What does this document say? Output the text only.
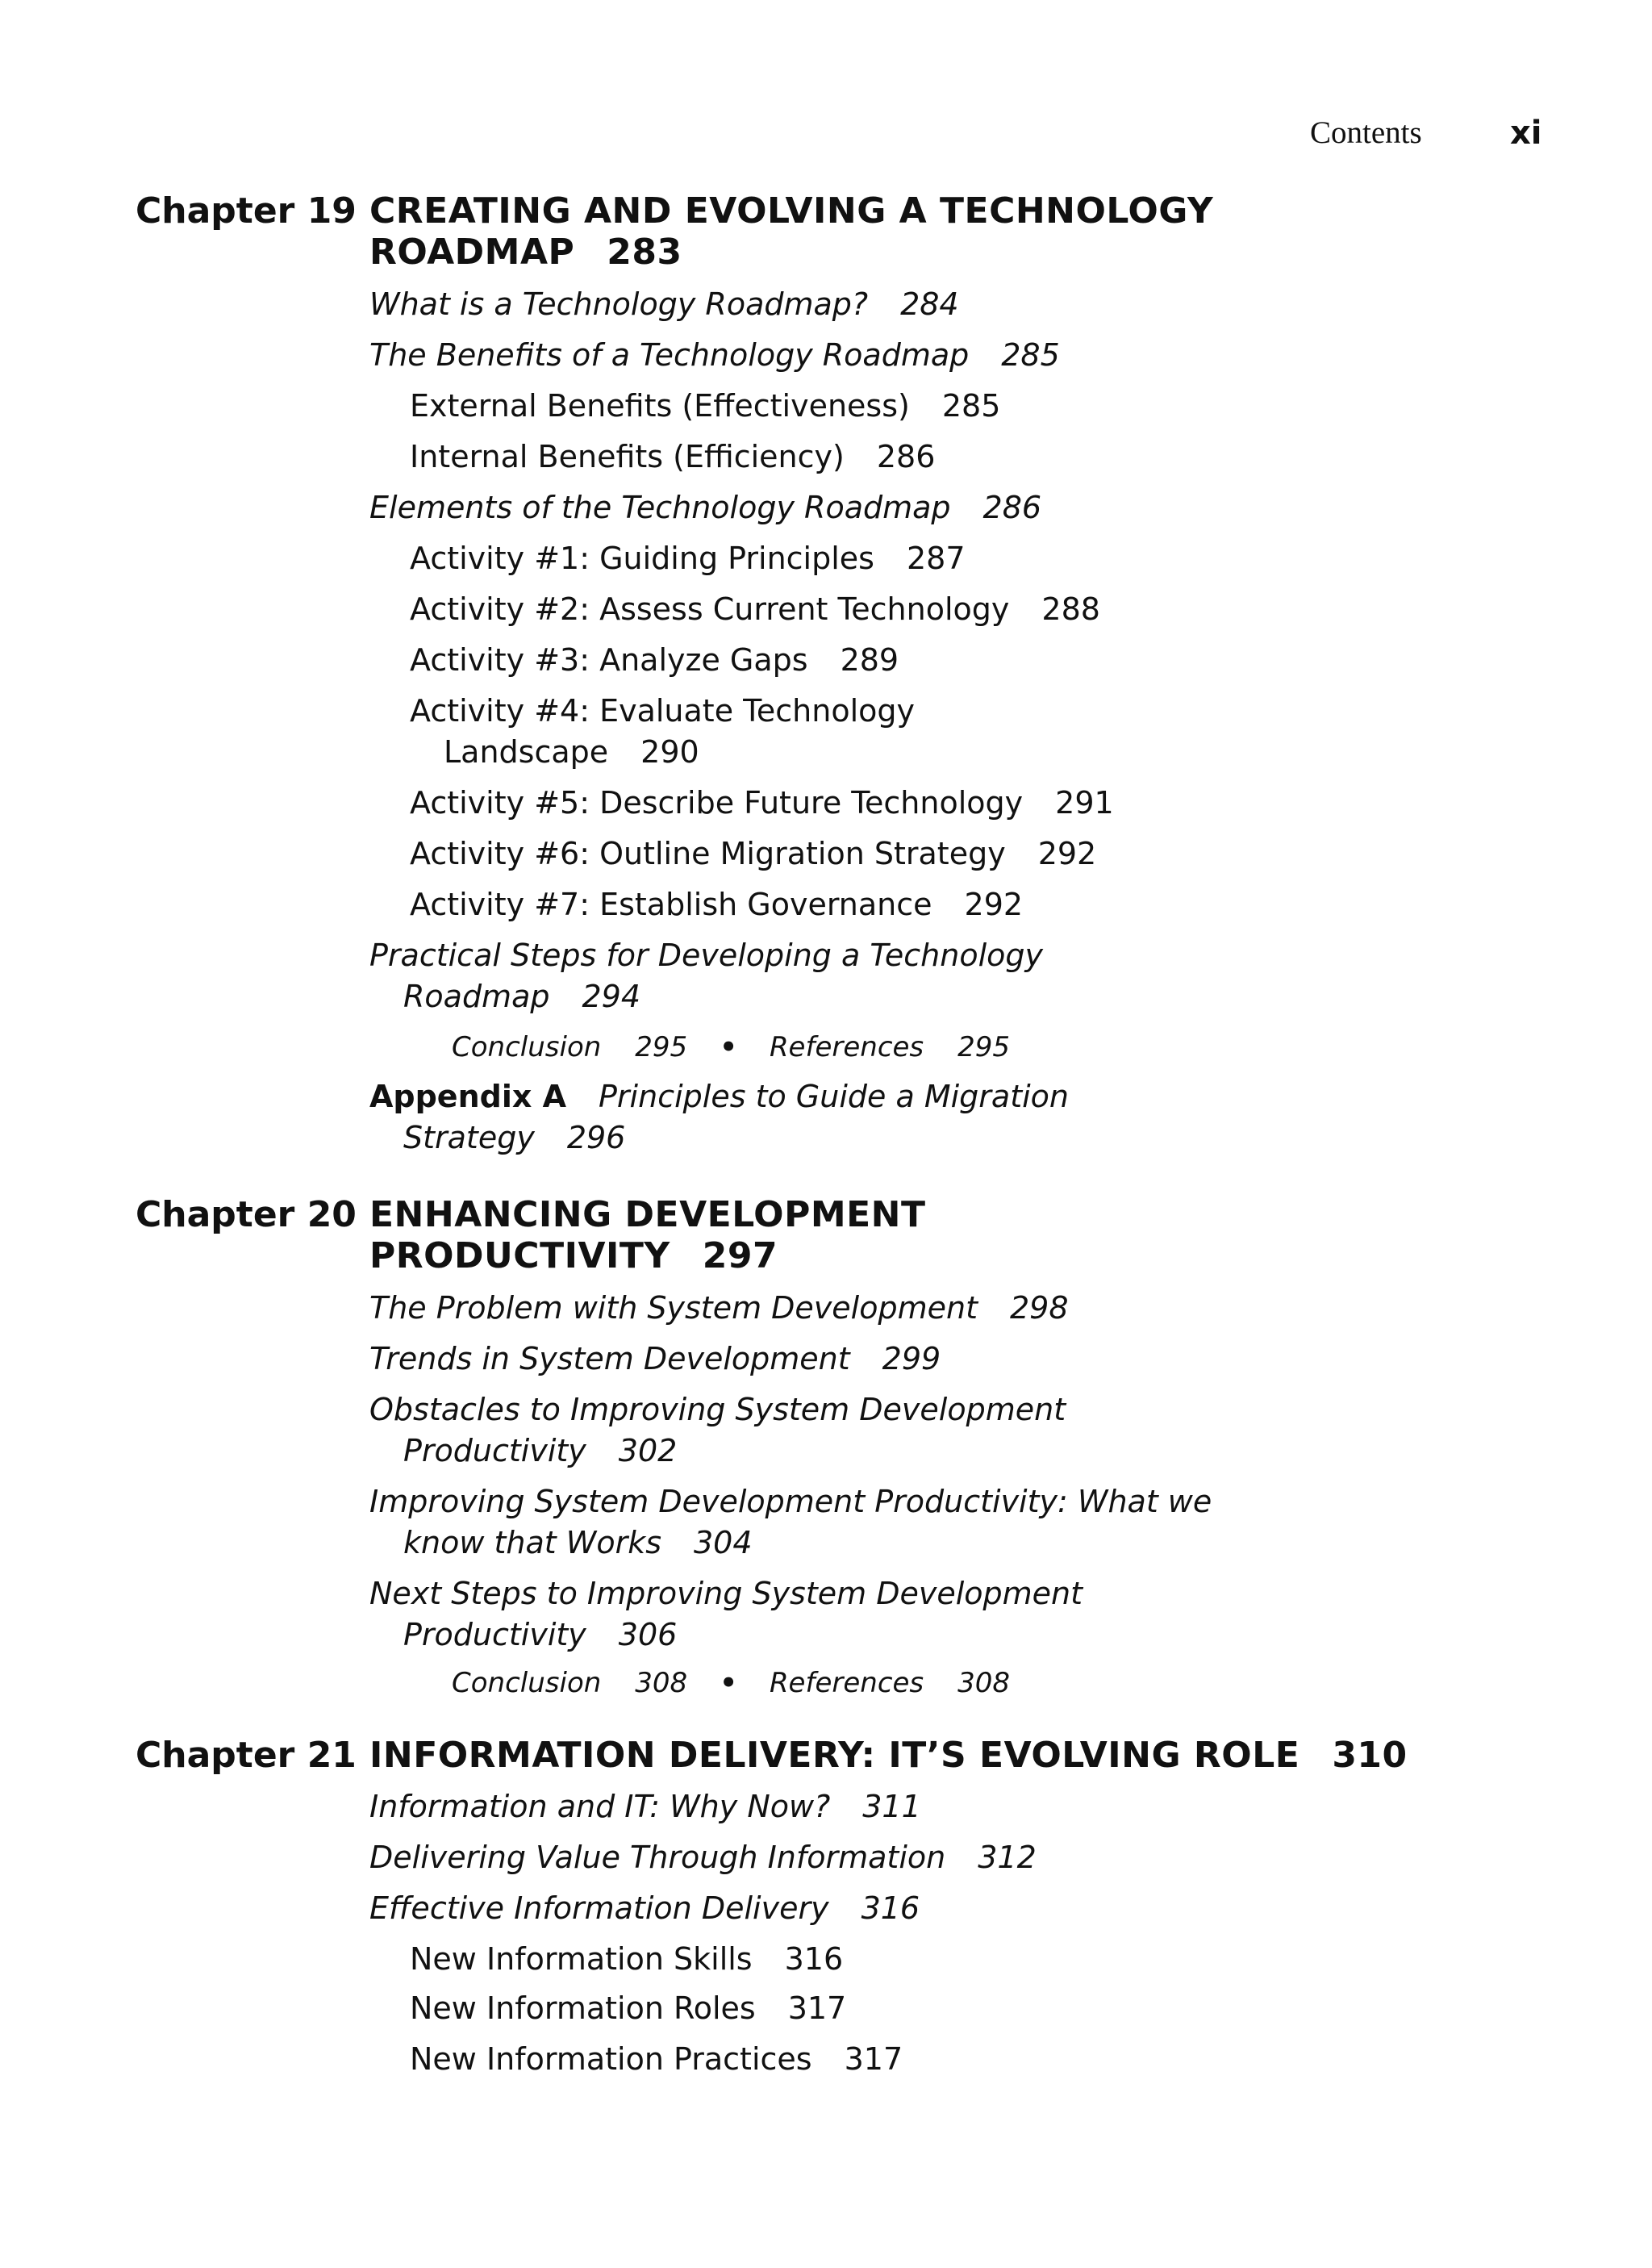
Contents	xi
Chapter 19 CREATING AND EVOLVING A TECHNOLOGY
ROADMAP 283
What is a Technology Roadmap? 284
The Benefits of a Technology Roadmap 285
External Benefits (Effectiveness) 285
Internal Benefits (Efficiency) 286
Elements of the Technology Roadmap 286
Activity #1: Guiding Principles 287
Activity #2: Assess Current Technology 288
Activity #3: Analyze Gaps 289
Activity #4: Evaluate Technology
Landscape 290
Activity #5: Describe Future Technology 291
Activity #6: Outline Migration Strategy 292
Activity #7: Establish Governance 292
Practical Steps for Developing a Technology
Roadmap 294
Conclusion 295 • References 295
Appendix A Principles to Guide a Migration
Strategy 296
Chapter 20 ENHANCING DEVELOPMENT
PRODUCTIVITY 297
The Problem with System Development 298
Trends in System Development 299
Obstacles to Improving System Development
Productivity 302
Improving System Development Productivity: What we
know that Works 304
Next Steps to Improving System Development
Productivity 306
Conclusion 308 • References 308
Chapter 21 INFORMATION DELIVERY: IT’S EVOLVING ROLE 310
Information and IT: Why Now? 311
Delivering Value Through Information 312
Effective Information Delivery 316
New Information Skills 316
New Information Roles 317
New Information Practices 317
